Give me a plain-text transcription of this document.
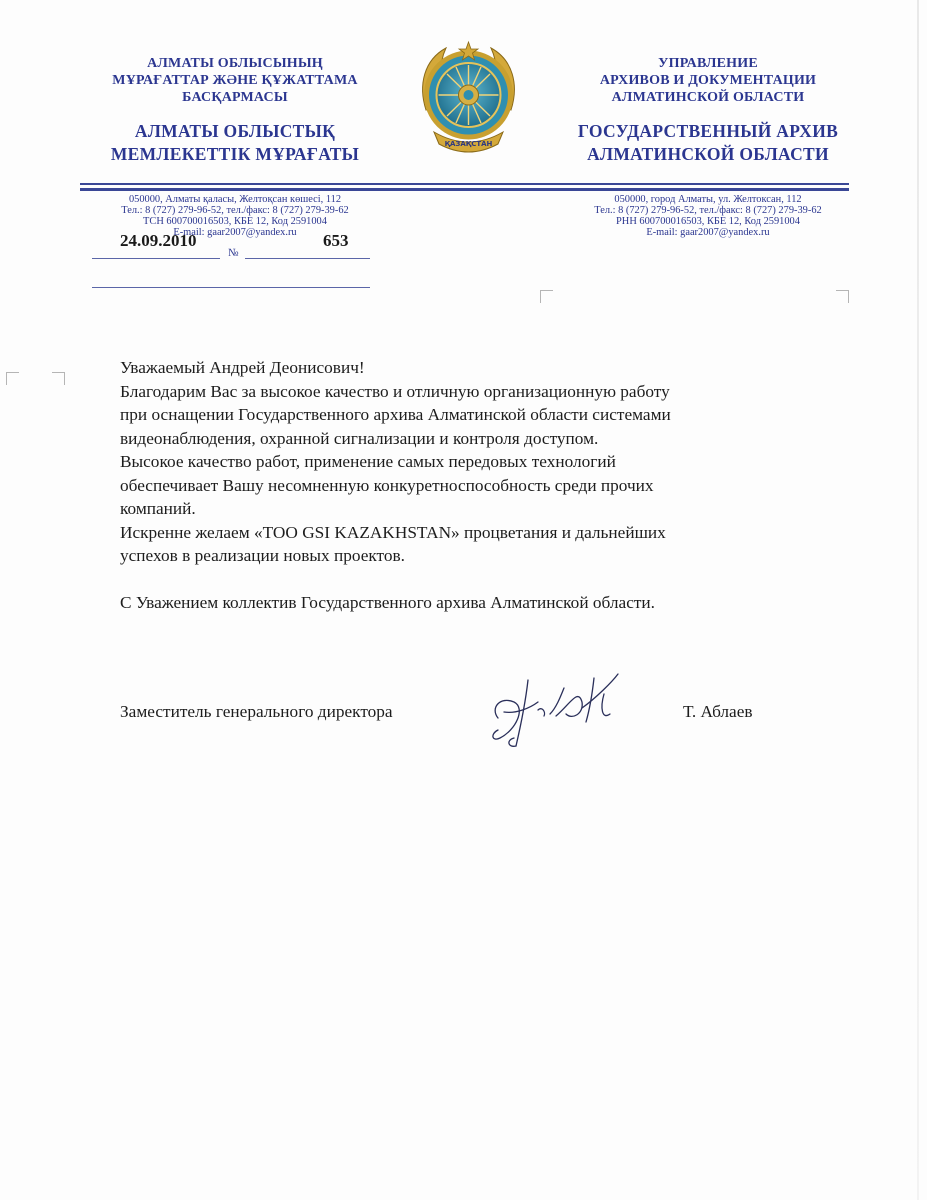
АЛМАТЫ ОБЛЫСЫНЫҢ
МҰРАҒАТТАР ЖӘНЕ ҚҰЖАТТАМА
БАСҚАРМАСЫ
АЛМАТЫ ОБЛЫСТЫҚ
МЕМЛЕКЕТТІК МҰРАҒАТЫ	ҚАЗАҚСТАН
УПРАВЛЕНИЕ
АРХИВОВ И ДОКУМЕНТАЦИИ
АЛМАТИНСКОЙ ОБЛАСТИ
ГОСУДАРСТВЕННЫЙ АРХИВ
АЛМАТИНСКОЙ ОБЛАСТИ
050000, Алматы қаласы, Желтоқсан көшесі, 112
Тел.: 8 (727) 279-96-52, тел./факс: 8 (727) 279-39-62
ТСН 600700016503, КБЕ 12, Код 2591004
E-mail: gaar2007@yandex.ru
050000, город Алматы, ул. Желтоксан, 112
Тел.: 8 (727) 279-96-52, тел./факс: 8 (727) 279-39-62
РНН 600700016503, КБЕ 12, Код 2591004
E-mail: gaar2007@yandex.ru
24.09.2010
№
653

Уважаемый Андрей Деонисович!

Благодарим Вас за высокое качество и отличную организационную работу

при оснащении Государственного архива Алматинской области системами

видеонаблюдения, охранной сигнализации и контроля доступом.

Высокое качество работ, применение самых передовых технологий

обеспечивает Вашу несомненную конкуретноспособность среди прочих

компаний.

Искренне желаем «ТОО GSI KAZAKHSTAN» процветания и дальнейших

успехов в реализации новых проектов.

С Уважением коллектив Государственного архива Алматинской области.

Заместитель генерального директора	Т. Аблаев
